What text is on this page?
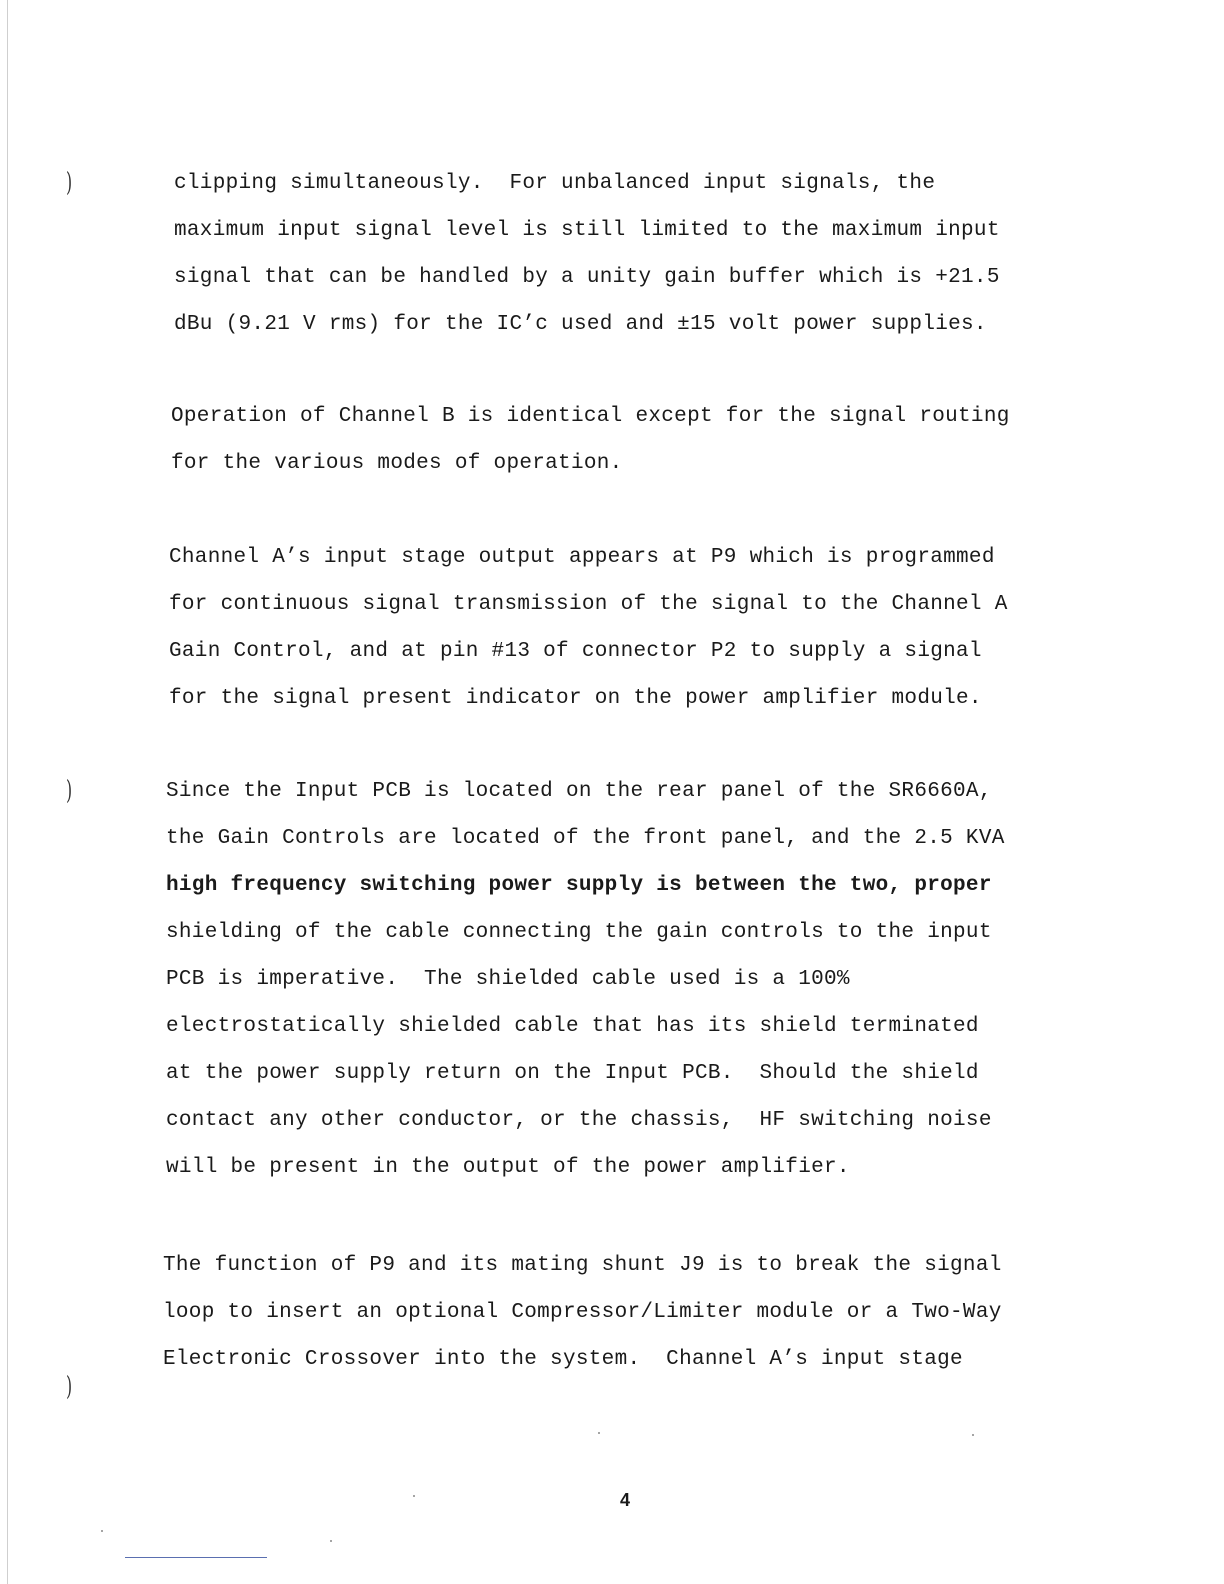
)
)
)
clipping simultaneously.  For unbalanced input signals, the
maximum input signal level is still limited to the maximum input
signal that can be handled by a unity gain buffer which is +21.5
dBu (9.21 V rms) for the IC’c used and ±15 volt power supplies.
Operation of Channel B is identical except for the signal routing
for the various modes of operation.
Channel A’s input stage output appears at P9 which is programmed
for continuous signal transmission of the signal to the Channel A
Gain Control, and at pin #13 of connector P2 to supply a signal
for the signal present indicator on the power amplifier module.
Since the Input PCB is located on the rear panel of the SR6660A,
the Gain Controls are located of the front panel, and the 2.5 KVA
high frequency switching power supply is between the two, proper
shielding of the cable connecting the gain controls to the input
PCB is imperative.  The shielded cable used is a 100%
electrostatically shielded cable that has its shield terminated
at the power supply return on the Input PCB.  Should the shield
contact any other conductor, or the chassis,  HF switching noise
will be present in the output of the power amplifier.
The function of P9 and its mating shunt J9 is to break the signal
loop to insert an optional Compressor/Limiter module or a Two-Way
Electronic Crossover into the system.  Channel A’s input stage
4
